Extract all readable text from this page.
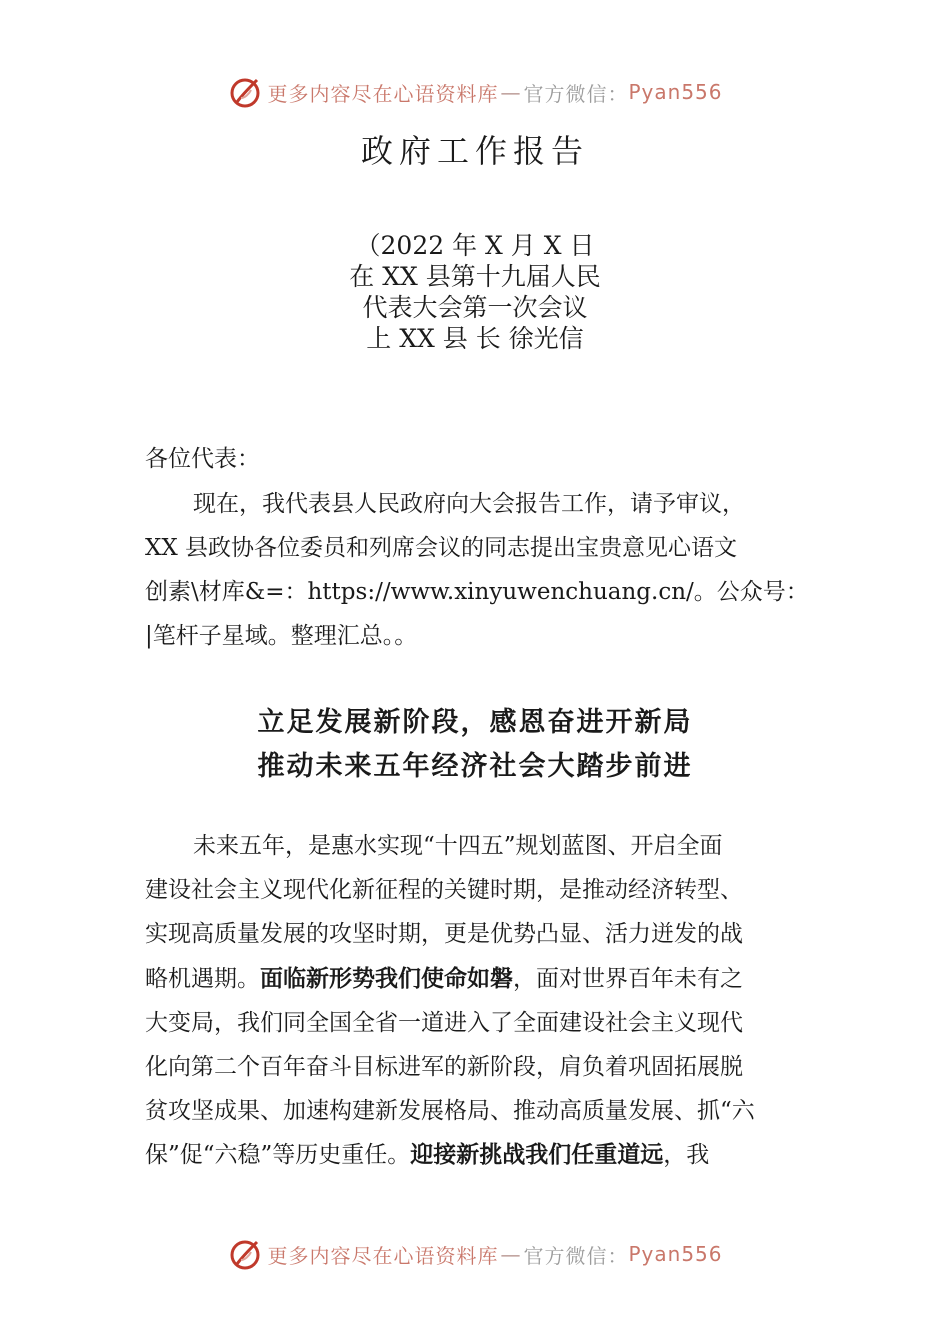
更多内容尽在心语资料库 — 官方微信： Pyan556
政府工作报告
（2022 年 X 月 X 日
在 XX 县第十九届人民
代表大会第一次会议
上 XX 县 长 徐光信
各位代表：
现在，我代表县人民政府向大会报告工作，请予审议，
XX 县政协各位委员和列席会议的同志提出宝贵意见心语文
创素\材库&=：https://www.xinyuwenchuang.cn/。公众号：
|笔杆子星域。整理汇总。。
立足发展新阶段，感恩奋进开新局
推动未来五年经济社会大踏步前进
未来五年，是惠水实现“十四五”规划蓝图、开启全面
建设社会主义现代化新征程的关键时期，是推动经济转型、
实现高质量发展的攻坚时期，更是优势凸显、活力迸发的战
略机遇期。面临新形势我们使命如磐，面对世界百年未有之
大变局，我们同全国全省一道进入了全面建设社会主义现代
化向第二个百年奋斗目标进军的新阶段，肩负着巩固拓展脱
贫攻坚成果、加速构建新发展格局、推动高质量发展、抓“六
保”促“六稳”等历史重任。迎接新挑战我们任重道远，我
更多内容尽在心语资料库 — 官方微信： Pyan556
